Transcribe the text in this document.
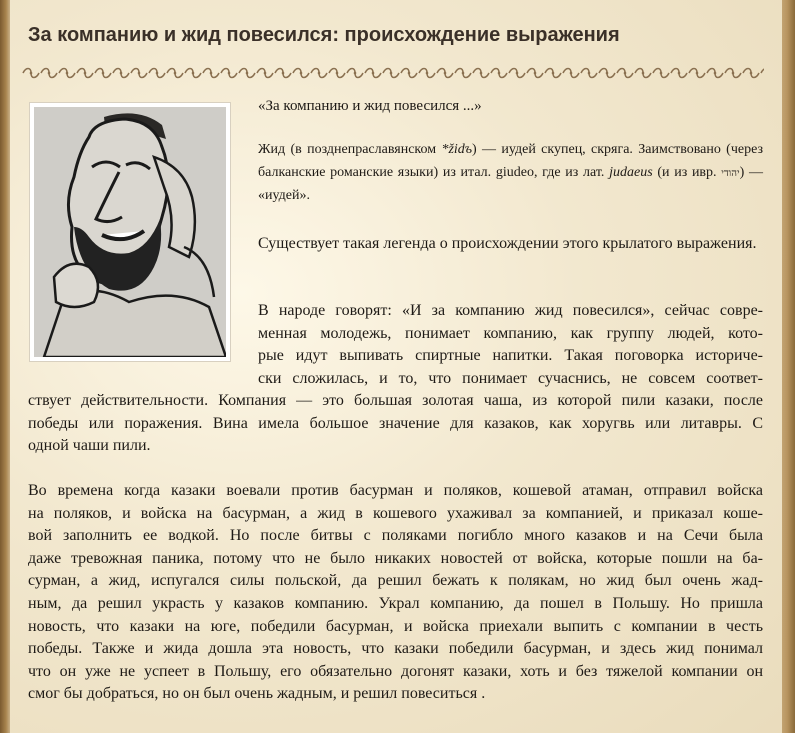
За компанию и жид повесился: происхождение выражения

«За компанию и жид повесился ...»

Жид (в позднепраславянском *židъ) — иудей скупец, скряга. Заимствовано (через балканские романские языки) из итал. giudeo, где из лат. judaeus (и из ивр. יהודי) — «иудей».

Существует такая легенда о происхождении этого крылатого выражения.

В народе говорят: «И за компанию жид повесился», сейчас совре-
менная молодежь, понимает компанию, как группу людей, кото-
рые идут выпивать спиртные напитки. Такая поговорка историче-
ски сложилась, и то, что понимает сучаснись, не совсем соответ-
ствует действительности. Компания — это большая золотая чаша, из которой пили казаки, после
победы или поражения. Вина имела большое значение для казаков, как хоругвь или литавры. С
одной чаши пили.
Во времена когда казаки воевали против басурман и поляков, кошевой атаман, отправил войска
на поляков, и войска на басурман, а жид в кошевого ухаживал за компанией, и приказал коше-
вой заполнить ее водкой. Но после битвы с поляками погибло много казаков и на Сечи была
даже тревожная паника, потому что не было никаких новостей от войска, которые пошли на ба-
сурман, а жид, испугался силы польской, да решил бежать к полякам, но жид был очень жад-
ным, да решил украсть у казаков компанию. Украл компанию, да пошел в Польшу. Но пришла
новость, что казаки на юге, победили басурман, и войска приехали выпить с компании в честь
победы. Также и жида дошла эта новость, что казаки победили басурман, и здесь жид понимал
что он уже не успеет в Польшу, его обязательно догонят казаки, хоть и без тяжелой компании он
смог бы добраться, но он был очень жадным, и решил повеситься .
